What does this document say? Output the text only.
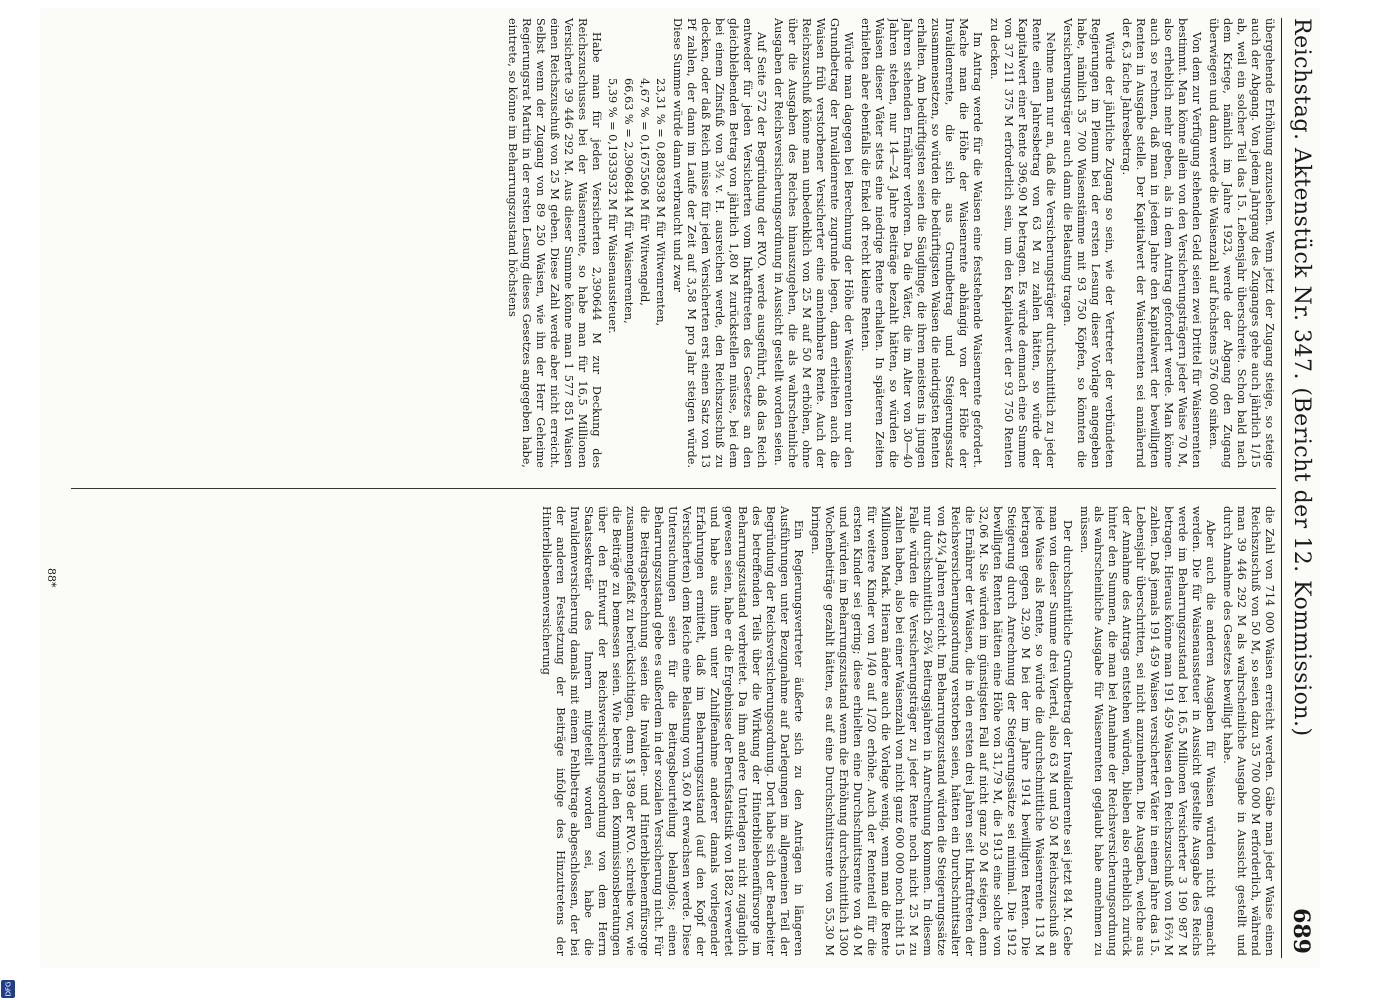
Reichstag. Aktenstück Nr. 347. (Bericht der 12. Kommission.)
689

übergehende Erhöhung anzusehen. Wenn jetzt der Zugang steige, so steige auch der Abgang. Von jedem Jahrgang des Zuganges gehe auch jährlich 1/15 ab, weil ein solcher Teil das 15. Lebensjahr überschreite. Schon bald nach dem Kriege, nämlich im Jahre 1923, werde der Abgang den Zugang überwiegen und dann werde die Waisenzahl auf höchstens 576 000 sinken.

Von dem zur Verfügung stehenden Geld seien zwei Drittel für Waisenrenten bestimmt. Man könne allein von den Versicherungsträgern jeder Waise 70 M, also erheblich mehr geben, als in dem Antrag gefordert werde. Man könne auch so rechnen, daß man in jedem Jahre den Kapitalwert der bewilligten Renten in Ausgabe stelle. Der Kapitalwert der Waisenrenten sei annähernd der 6,3 fache Jahresbetrag.

Würde der jährliche Zugang so sein, wie der Vertreter der verbündeten Regierungen im Plenum bei der ersten Lesung dieser Vorlage angegeben habe, nämlich 35 700 Waisenstämme mit 93 750 Köpfen, so könnten die Versicherungsträger auch dann die Belastung tragen.

Nehme man nur an, daß die Versicherungsträger durchschnittlich zu jeder Rente einen Jahresbetrag von 63 M zu zahlen hätten, so würde der Kapitalwert einer Rente 396,90 M betragen. Es würde demnach eine Summe von 37 211 375 M erforderlich sein, um den Kapitalwert der 93 750 Renten zu decken.

Im Antrag werde für die Waisen eine feststehende Waisenrente gefordert. Mache man die Höhe der Waisenrente abhängig von der Höhe der Invalidenrente, die sich aus Grundbetrag und Steigerungssatz zusammensetzen, so würden die bedürftigsten Waisen die niedrigsten Renten erhalten. Am bedürftigsten seien die Säuglinge, die ihren meistens in jungen Jahren stehenden Ernährer verloren. Da die Väter, die im Alter von 30—40 Jahren stehen, nur 14—24 Jahre Beiträge bezahlt hätten, so würden die Waisen dieser Väter stets eine niedrige Rente erhalten. In späteren Zeiten erhielten aber ebenfalls die Enkel oft recht kleine Renten.

Würde man dagegen bei Berechnung der Höhe der Waisenrenten nur den Grundbetrag der Invalidenrente zugrunde legen, dann erhielten auch die Waisen früh verstorbener Versicherter eine annehmbare Rente. Auch der Reichszuschuß könne man unbedenklich von 25 M auf 50 M erhöhen, ohne über die Ausgaben des Reiches hinauszugehen, die als wahrscheinliche Ausgaben der Reichsversicherungsordnung in Aussicht gestellt worden seien.

Auf Seite 572 der Begründung der RVO. werde ausgeführt, daß das Reich entweder für jeden Versicherten vom Inkrafttreten des Gesetzes an den gleichbleibenden Betrag von jährlich 1,80 M zurückstellen müsse, bei dem bei einem Zinsfuß von 3½ v. H. ausreichen werde, den Reichszuschuß zu decken, oder daß Reich müsse für jeden Versicherten erst einen Satz von 13 Pf zahlen, der dann im Laufe der Zeit auf 3,58 M pro Jahr steigen würde. Diese Summe würde dann verbraucht und zwar

23,31 % = 0,8083938 M für Witwenrenten,

4,67 % = 0,1675506 M für Witwengeld,

66,63 % = 2,3906844 M für Waisenrenten,

5,39 % = 0,1933932 M für Waisenaussteuer.

Habe man für jeden Versicherten 2,390644 M zur Deckung des Reichszuschusses bei der Waisenrente, so habe man für 16,5 Millionen Versicherte 39 446 292 M. Aus dieser Summe könne man 1 577 851 Waisen einen Reichszuschuß von 25 M geben. Diese Zahl werde aber nicht erreicht. Selbst wenn der Zugang von 89 250 Waisen, wie ihn der Herr Geheime Regierungsrat Martin in der ersten Lesung dieses Gesetzes angegeben habe, eintrete, so könne im Beharrungszustand höchstens

die Zahl von 714 000 Waisen erreicht werden. Gäbe man jeder Waise einen Reichszuschuß von 50 M, so seien dazu 35 700 000 M erforderlich, während man 39 446 292 M als wahrscheinliche Ausgabe in Aussicht gestellt und durch Annahme des Gesetzes bewilligt habe.

Aber auch die anderen Ausgaben für Waisen würden nicht gemacht werden. Die für Waisenaussteuer in Aussicht gestellte Ausgabe des Reichs werde im Beharrungszustand bei 16,5 Millionen Versicherter 3 190 987 M betragen. Hieraus könne man 191 459 Waisen den Reichszuschuß von 16⅔ M zahlen. Daß jemals 191 459 Waisen versicherter Väter in einem Jahre das 15. Lebensjahr überschritten, sei nicht anzunehmen. Die Ausgaben, welche aus der Annahme des Antrags entstehen würden, blieben also erheblich zurück hinter den Summen, die man bei Annahme der Reichsversicherungsordnung als wahrscheinliche Ausgabe für Waisenrenten geglaubt habe annehmen zu müssen.

Der durchschnittliche Grundbetrag der Invalidenrente sei jetzt 84 M. Gebe man von dieser Summe drei Viertel, also 63 M und 50 M Reichszuschuß an jede Waise als Rente, so würde die durchschnittliche Waisenrente 113 M betragen gegen 32,90 M bei der im Jahre 1914 bewilligten Renten. Die Steigerung durch Anrechnung der Steigerungssätze sei minimal. Die 1912 bewilligten Renten hätten eine Höhe von 31,79 M, die 1913 eine solche von 32,06 M. Sie würden im günstigsten Fall auf nicht ganz 50 M steigen, denn die Ernährer der Waisen, die in den ersten drei Jahren seit Inkrafttreten der Reichsversicherungsordnung verstorben seien, hätten ein Durchschnittsalter von 42¼ Jahren erreicht. Im Beharrungszustand würden die Steigerungssätze nur durchschnittlich 26¾ Beitragsjahren in Anrechnung kommen. In diesem Falle würden die Versicherungsträger zu jeder Rente noch nicht 25 M zu zahlen haben, also bei einer Waisenzahl von nicht ganz 600 000 noch nicht 15 Millionen Mark. Hieran ändere auch die Vorlage wenig, wenn man die Rente für weitere Kinder von 1/40 auf 1/20 erhöhe. Auch der Rententeil für die ersten Kinder sei gering; diese erhielten eine Durchschnittsrente von 40 M und würden im Beharrungszustand wenn die Erhöhung durchschnittlich 1300 Wochenbeiträge gezahlt hätten, es auf eine Durchschnittsrente von 55,30 M bringen.

Ein Regierungsvertreter äußerte sich zu den Anträgen in längeren Ausführungen unter Bezugnahme auf Darlegungen im allgemeinen Teil der Begründung der Reichsversicherungsordnung. Dort habe sich der Bearbeiter des betreffenden Teils über die Wirkung der Hinterbliebenenfürsorge im Beharrungszustand verbreitet. Da ihm andere Unterlagen nicht zugänglich gewesen seien, habe er die Ergebnisse der Berufsstatistik von 1882 verwertet und habe aus ihnen unter Zuhilfenahme anderer damals vorliegender Erfahrungen ermittelt, daß im Beharrungszustand (auf den Kopf der Versicherten) dem Reiche eine Belastung von 3,60 M erwachsen werde. Diese Untersuchungen seien für die Beitragsbeurteilung belanglos; einen Beharrungszustand gebe es außerdem in der sozialen Versicherung nicht. Für die Beitragsberechnung seien die Invaliden- und Hinterbliebenenfürsorge zusammengefaßt zu berücksichtigen, denn § 1389 der RVO. schreibe vor, wie die Beiträge zu bemessen seien. Wie bereits in den Kommissionsberatungen über den Entwurf der Reichsversicherungsordnung von dem Herrn Staatssekretär des Innern mitgeteilt worden sei, habe die Invalidenversicherung damals mit einem Fehlbetrage abgeschlossen, der bei der anderen Festsetzung der Beiträge infolge des Hinzutretens der Hinterbliebenenversicherung

88*
DFG
